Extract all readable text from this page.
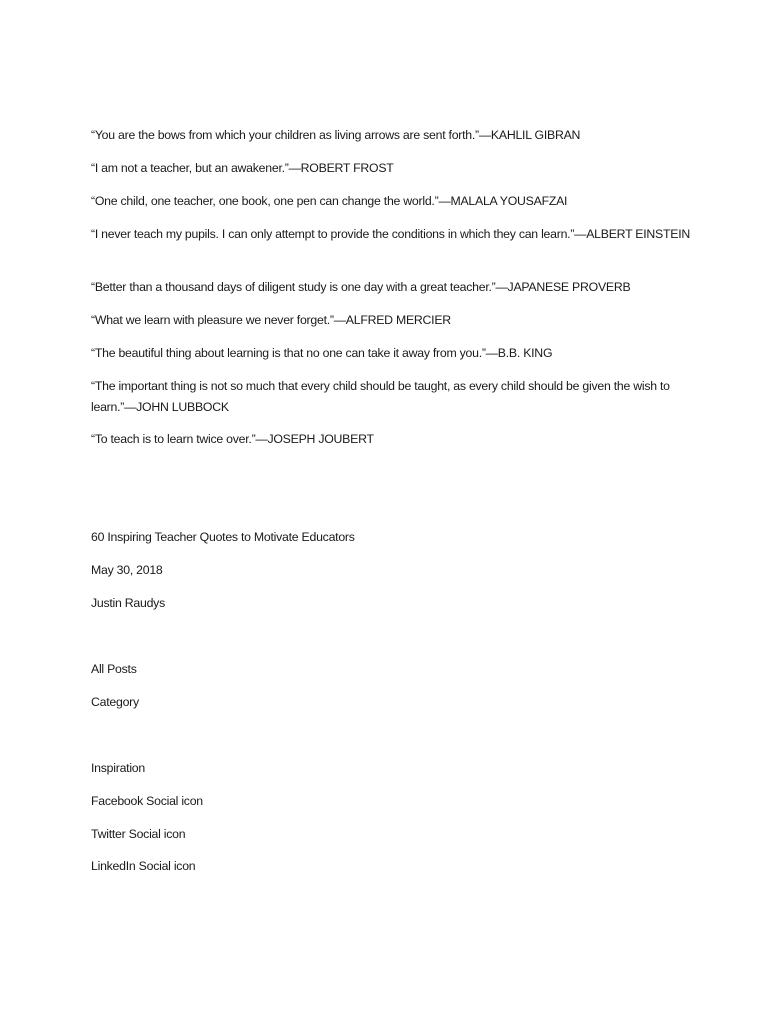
“You are the bows from which your children as living arrows are sent forth.”—KAHLIL GIBRAN

“I am not a teacher, but an awakener.”—ROBERT FROST

“One child, one teacher, one book, one pen can change the world.”—MALALA YOUSAFZAI

“I never teach my pupils. I can only attempt to provide the conditions in which they can learn.”—ALBERT EINSTEIN

“Better than a thousand days of diligent study is one day with a great teacher.”—JAPANESE PROVERB

“What we learn with pleasure we never forget.”—ALFRED MERCIER

“The beautiful thing about learning is that no one can take it away from you.”—B.B. KING

“The important thing is not so much that every child should be taught, as every child should be given the wish to learn.”—JOHN LUBBOCK

“To teach is to learn twice over.”—JOSEPH JOUBERT

60 Inspiring Teacher Quotes to Motivate Educators

May 30, 2018

Justin Raudys

All Posts

Category

Inspiration

Facebook Social icon

Twitter Social icon

LinkedIn Social icon
